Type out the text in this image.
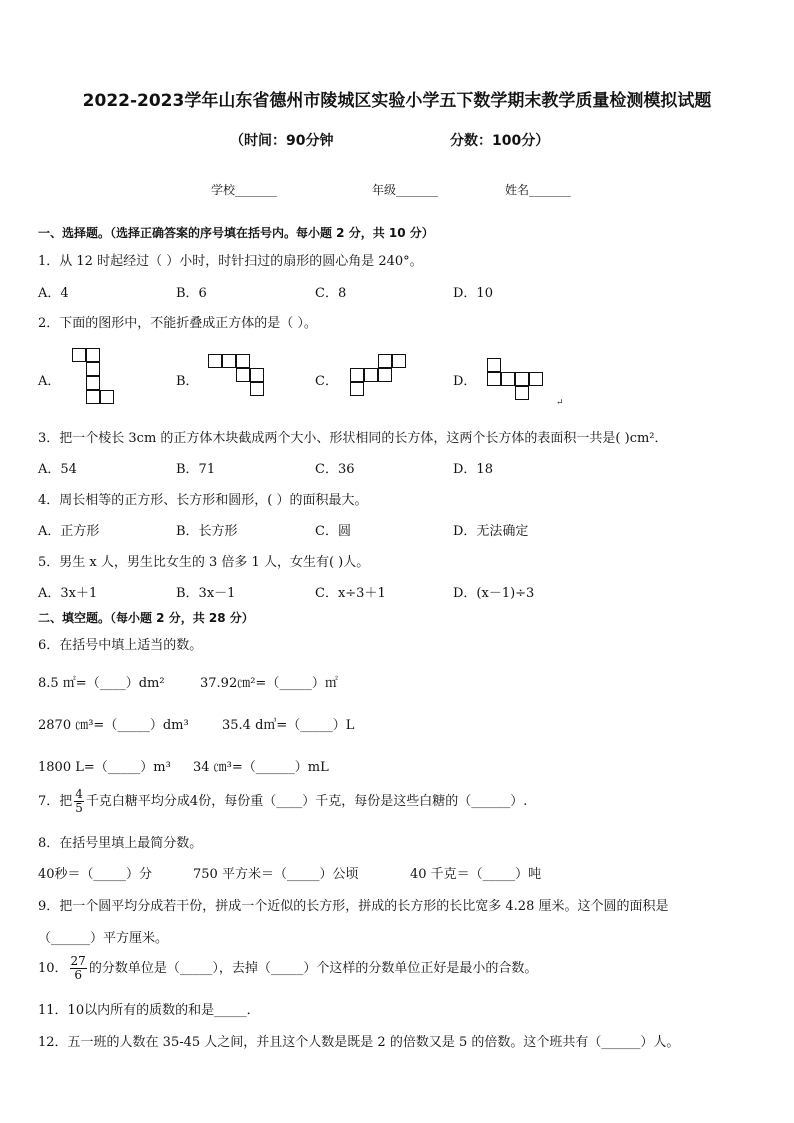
2022-2023学年山东省德州市陵城区实验小学五下数学期末教学质量检测模拟试题
（时间：90分钟	分数：100分）
学校_______	年级_______	姓名_______
一、选择题。（选择正确答案的序号填在括号内。每小题 2 分，共 10 分）
1．从 12 时起经过（ ）小时，时针扫过的扇形的圆心角是 240°。
A．4	B．6	C．8	D．10
2．下面的图形中，不能折叠成正方体的是（ ）。
A．	B．	C．	D．
↵
3．把一个棱长 3cm 的正方体木块截成两个大小、形状相同的长方体，这两个长方体的表面积一共是( )cm²．
A．54	B．71	C．36	D．18
4．周长相等的正方形、长方形和圆形，( ）的面积最大。
A．正方形	B．长方形	C．圆	D．无法确定
5．男生 x 人，男生比女生的 3 倍多 1 人，女生有( )人。
A．3x＋1	B．3x－1	C．x÷3＋1	D．(x－1)÷3
二、填空题。（每小题 2 分，共 28 分）
6．在括号中填上适当的数。
8.5 ㎡=（____）dm²	37.92㎝²=（_____）㎡
2870 ㎝³=（_____）dm³	35.4 d㎥=（_____）L
1800 L=（_____）m³ 34 ㎝³=（______）mL
7．把 $\frac{4}{5}$ 千克白糖平均分成4份，每份重（____）千克，每份是这些白糖的（______）.
8．在括号里填上最简分数。
40秒＝（_____）分	750 平方米＝（_____）公顷	40 千克＝（_____）吨
9．把一个圆平均分成若干份，拼成一个近似的长方形，拼成的长方形的长比宽多 4.28 厘米。这个圆的面积是
（______）平方厘米。
10． $\frac{27}{6}$ 的分数单位是（_____），去掉（_____）个这样的分数单位正好是最小的合数。
11．10以内所有的质数的和是_____．
12．五一班的人数在 35-45 人之间，并且这个人数是既是 2 的倍数又是 5 的倍数。这个班共有（______）人。
